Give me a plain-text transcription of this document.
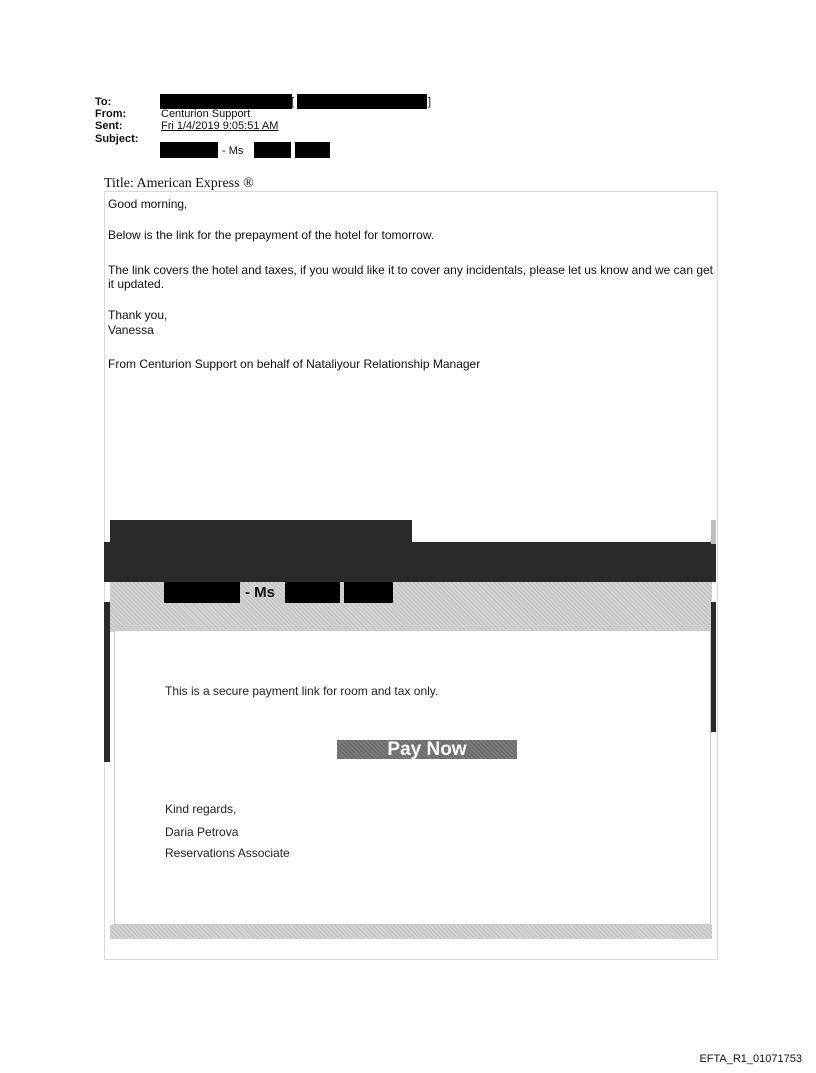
To:	[	]
From:	Centurion Support
Sent:	Fri 1/4/2019 9:05:51 AM
Subject:
- Ms
Title: American Express ®

Good morning,

Below is the link for the prepayment of the hotel for tomorrow.

The link covers the hotel and taxes, if you would like it to cover any incidentals, please let us know and we can get it updated.

Thank you,

Vanessa

From Centurion Support on behalf of Nataliyour Relationship Manager

- Ms
This is a secure payment link for room and tax only.
Pay Now
Kind regards,
Daria Petrova
Reservations Associate
EFTA_R1_01071753
